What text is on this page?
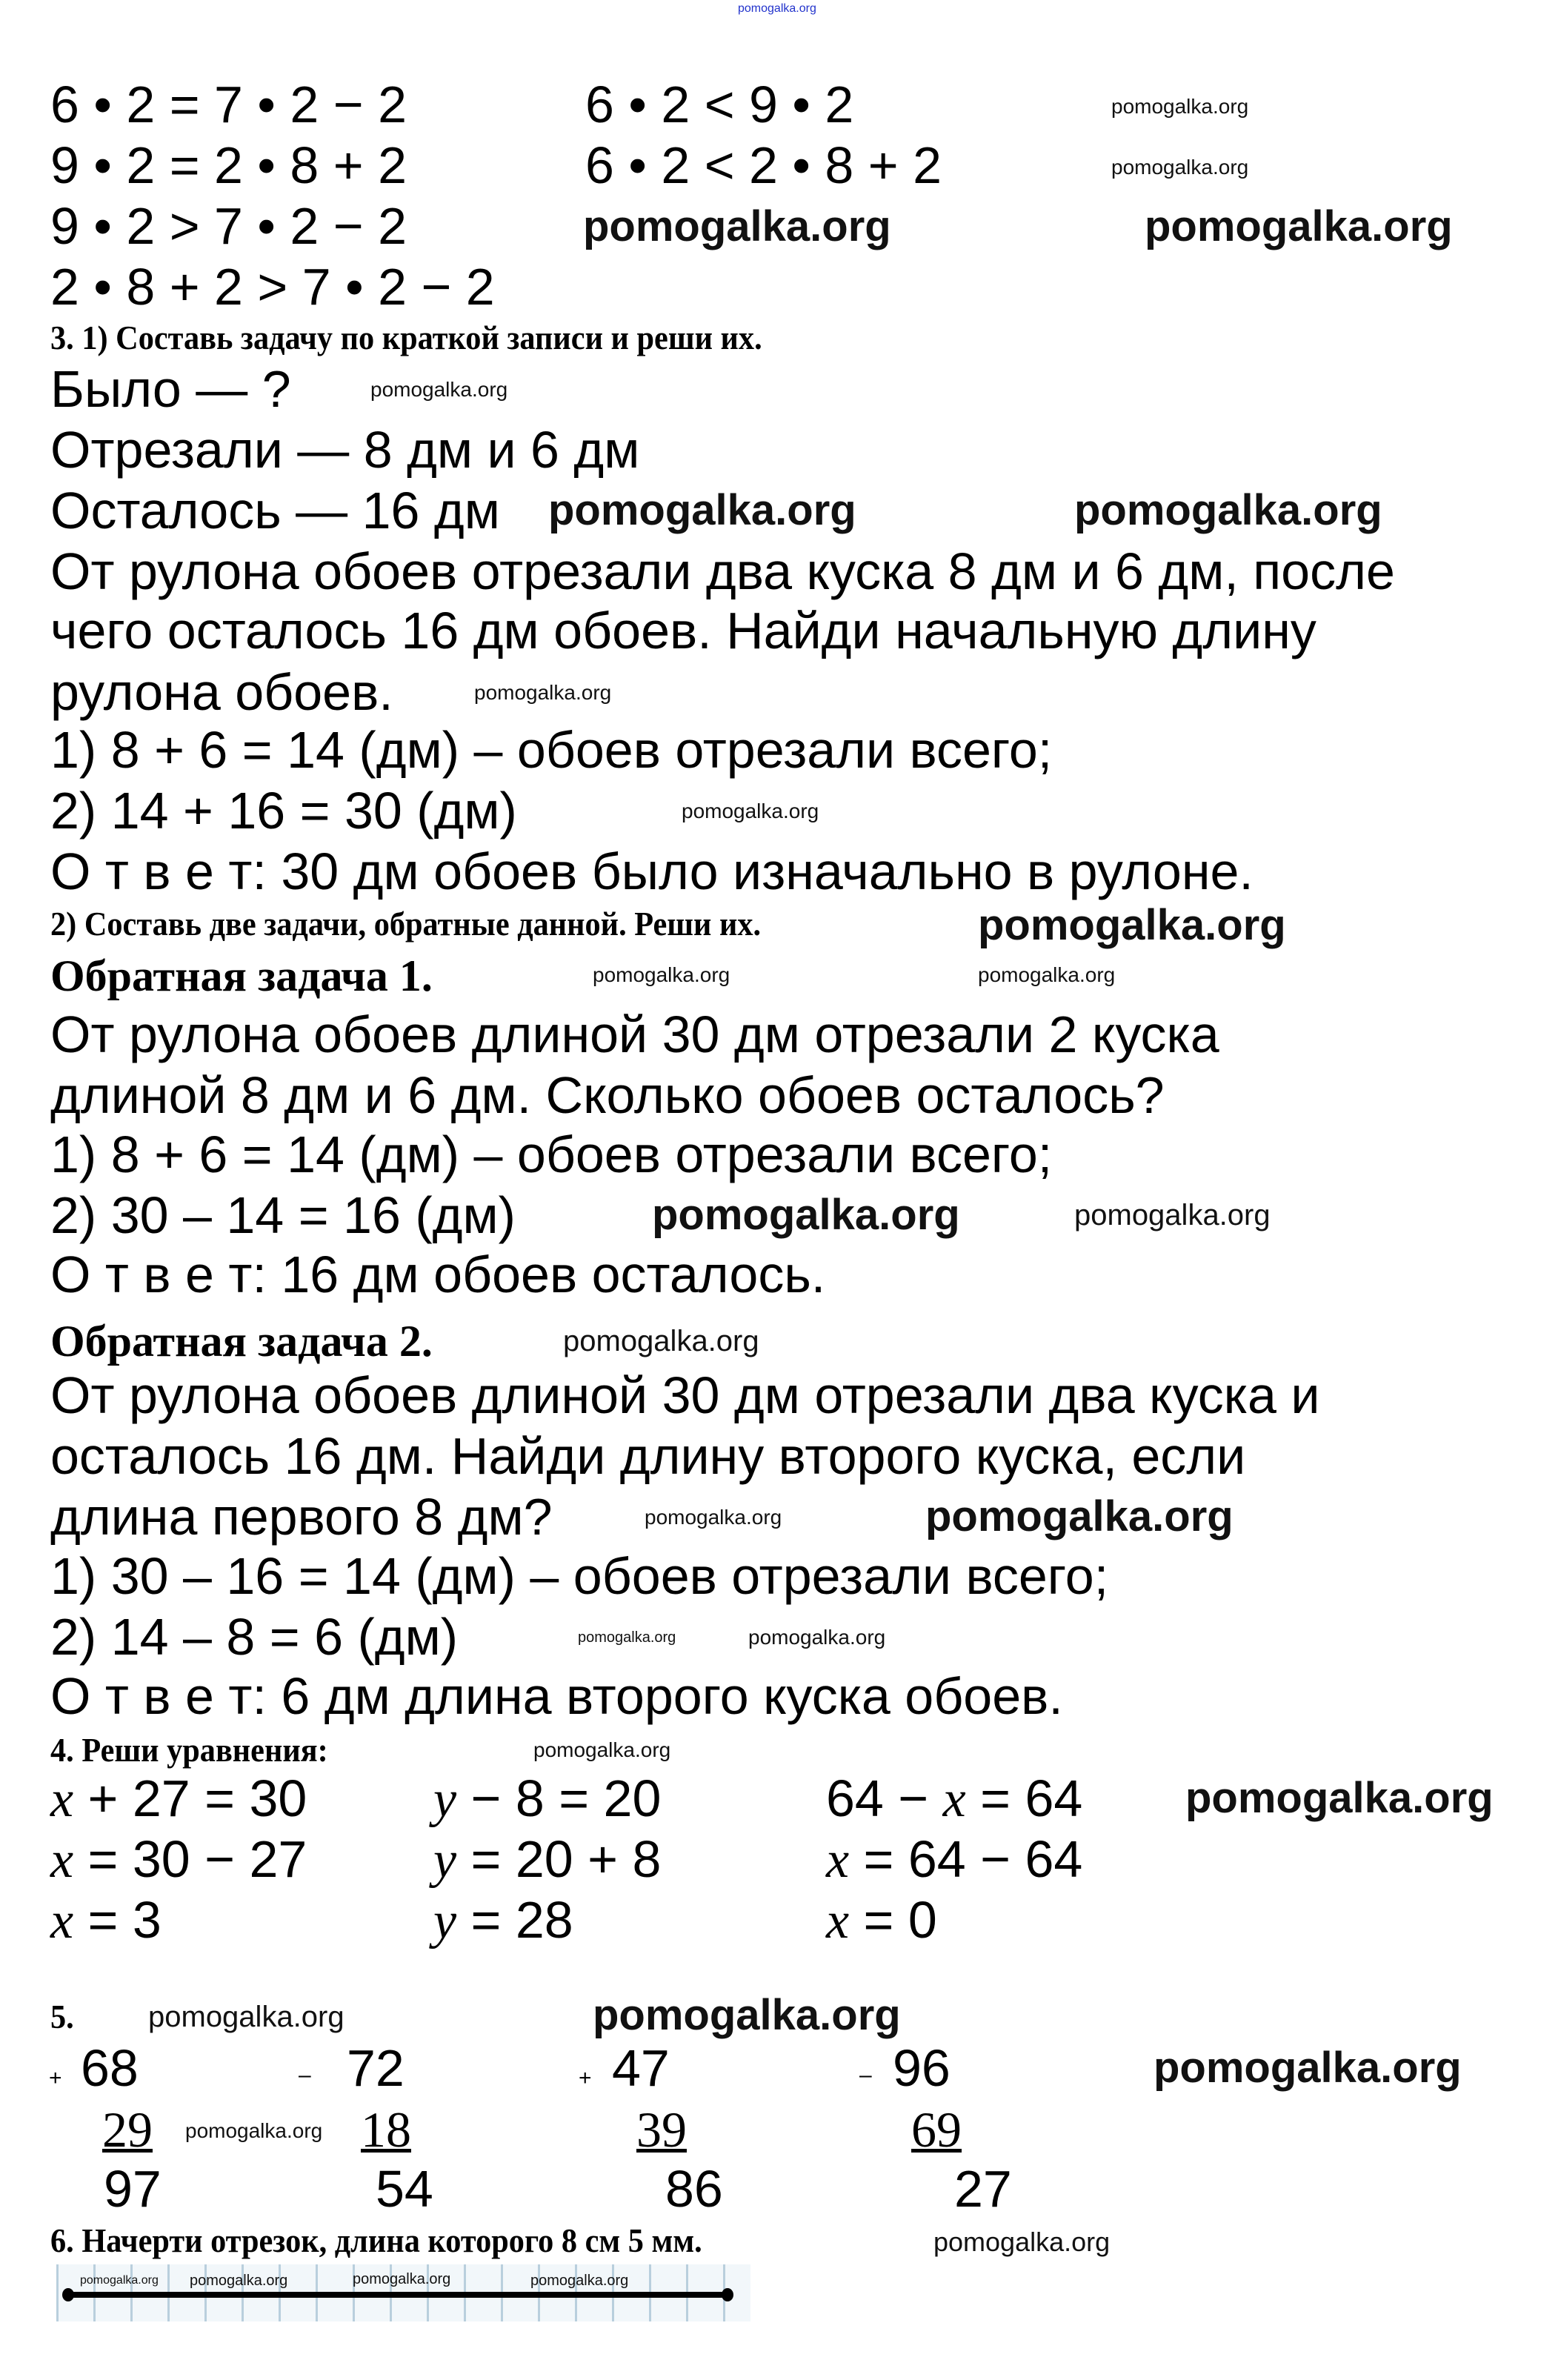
6 • 2 = 7 • 2 − 2
9 • 2 = 2 • 8 + 2
9 • 2 > 7 • 2 − 2
2 • 8 + 2 > 7 • 2 − 2
6 • 2 < 9 • 2
6 • 2 < 2 • 8 + 2
3. 1) Составь задачу по краткой записи и реши их.
Было — ?
Отрезали — 8 дм и 6 дм
Осталось — 16 дм
От рулона обоев отрезали два куска 8 дм и 6 дм, после
чего осталось 16 дм обоев. Найди начальную длину
рулона обоев.
1) 8 + 6 = 14 (дм) – обоев отрезали всего;
2) 14 + 16 = 30 (дм)
О т в е т: 30 дм обоев было изначально в рулоне.
2) Составь две задачи, обратные данной. Реши их.
Обратная задача 1.
От рулона обоев длиной 30 дм отрезали 2 куска
длиной 8 дм и 6 дм. Сколько обоев осталось?
1) 8 + 6 = 14 (дм) – обоев отрезали всего;
2) 30 – 14 = 16 (дм)
О т в е т: 16 дм обоев осталось.
Обратная задача 2.
От рулона обоев длиной 30 дм отрезали два куска и
осталось 16 дм. Найди длину второго куска, если
длина первого 8 дм?
1) 30 – 16 = 14 (дм) – обоев отрезали всего;
2) 14 – 8 = 6 (дм)
О т в е т: 6 дм длина второго куска обоев.
4. Реши уравнения:
x + 27 = 30
x = 30 − 27
x = 3
y − 8 = 20
y = 20 + 8
y = 28
64 − x = 64
x = 64 − 64
x = 0
5.
+ 68
29
97
– 72
18
54
+ 47
39
86
– 96
69
27
6. Начерти отрезок, длина которого 8 см 5 мм.
pomogalka.org pomogalka.org	pomogalka.org	pomogalka.org
pomogalka.org
pomogalka.org
pomogalka.org
pomogalka.org	pomogalka.org
pomogalka.org
pomogalka.org	pomogalka.org
pomogalka.org
pomogalka.org
pomogalka.org
pomogalka.org
pomogalka.org
pomogalka.org	pomogalka.org
pomogalka.org
pomogalka.org
pomogalka.org	pomogalka.org
pomogalka.org
pomogalka.org
pomogalka.org
pomogalka.org	pomogalka.org
pomogalka.org
pomogalka.org
pomogalka.org
